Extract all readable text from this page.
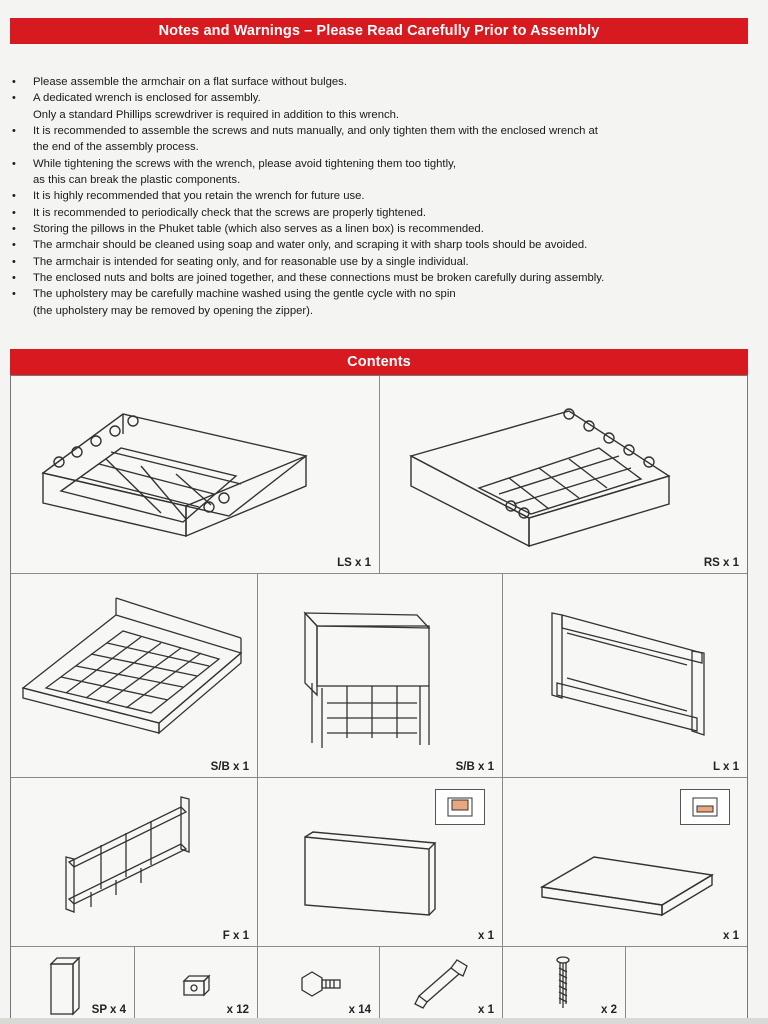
Notes and Warnings – Please Read Carefully Prior to Assembly
• Please assemble the armchair on a flat surface without bulges.
• A dedicated wrench is enclosed for assembly.
Only a standard Phillips screwdriver is required in addition to this wrench.
• It is recommended to assemble the screws and nuts manually, and only tighten them with the enclosed wrench at
the end of the assembly process.
• While tightening the screws with the wrench, please avoid tightening them too tightly,
as this can break the plastic components.
• It is highly recommended that you retain the wrench for future use.
• It is recommended to periodically check that the screws are properly tightened.
• Storing the pillows in the Phuket table (which also serves as a linen box) is recommended.
• The armchair should be cleaned using soap and water only, and scraping it with sharp tools should be avoided.
• The armchair is intended for seating only, and for reasonable use by a single individual.
• The enclosed nuts and bolts are joined together, and these connections must be broken carefully during assembly.
• The upholstery may be carefully machine washed using the gentle cycle with no spin
(the upholstery may be removed by opening the zipper).
Contents
LS x 1	RS x 1
S/B x 1	S/B x 1	L x 1
F x 1	x 1	x 1
SP x 4	x 12	x 14	x 1	x 2
